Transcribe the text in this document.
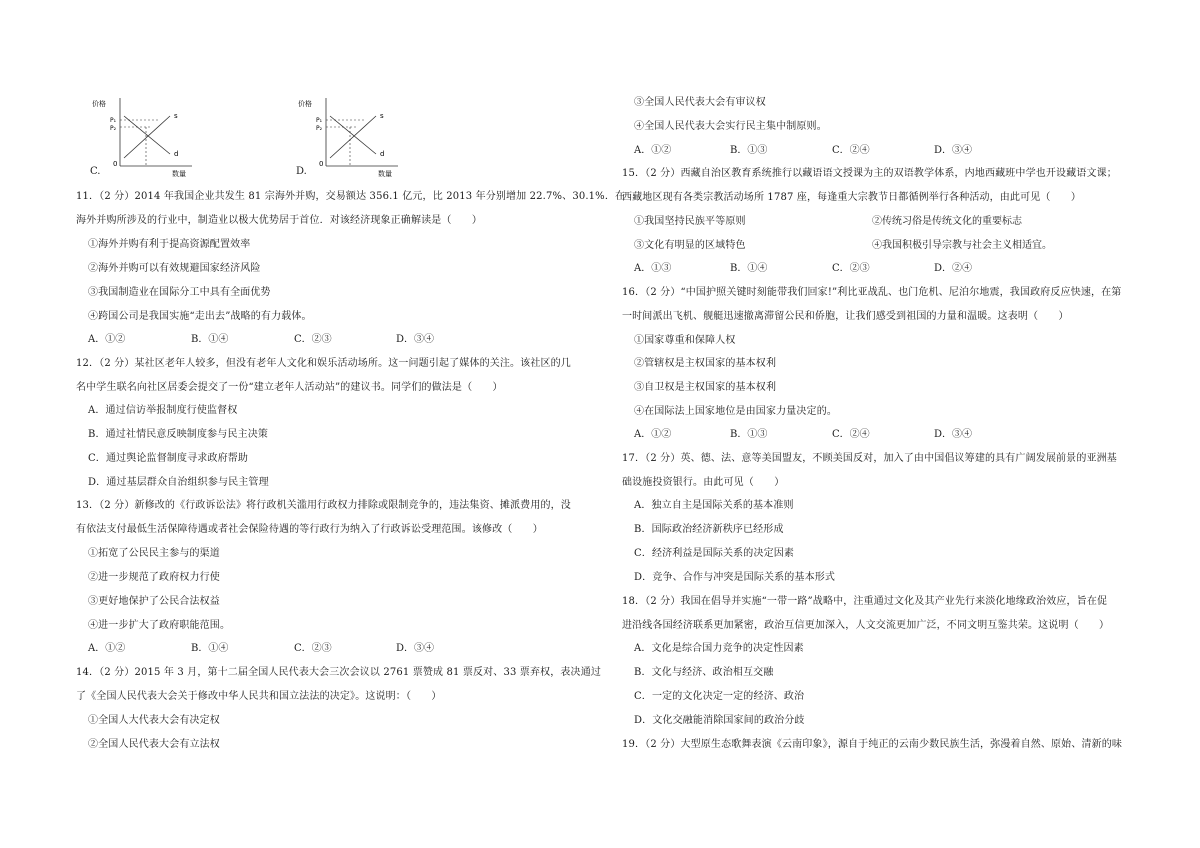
C.
价格
P₁
P₂
s
d
0
数量	D.
价格
P₁
P₂
s
d
0
数量
11．（2 分）2014 年我国企业共发生 81 宗海外并购，交易额达 356.1 亿元，比 2013 年分别增加 22.7%、30.1%．在
海外并购所涉及的行业中，制造业以极大优势居于首位．对该经济现象正确解读是（　　）
①海外并购有利于提高资源配置效率
②海外并购可以有效规避国家经济风险
③我国制造业在国际分工中具有全面优势
④跨国公司是我国实施“走出去”战略的有力载体。
A．①②	B．①④	C．②③	D．③④
12．（2 分）某社区老年人较多，但没有老年人文化和娱乐活动场所。这一问题引起了媒体的关注。该社区的几
名中学生联名向社区居委会提交了一份“建立老年人活动站”的建议书。同学们的做法是（　　）
A．通过信访举报制度行使监督权
B．通过社情民意反映制度参与民主决策
C．通过舆论监督制度寻求政府帮助
D．通过基层群众自治组织参与民主管理
13．（2 分）新修改的《行政诉讼法》将行政机关滥用行政权力排除或限制竞争的，违法集资、摊派费用的，没
有依法支付最低生活保障待遇或者社会保险待遇的等行政行为纳入了行政诉讼受理范围。该修改（　　）
①拓宽了公民民主参与的渠道
②进一步规范了政府权力行使
③更好地保护了公民合法权益
④进一步扩大了政府职能范围。
A．①②	B．①④	C．②③	D．③④
14．（2 分）2015 年 3 月，第十二届全国人民代表大会三次会议以 2761 票赞成 81 票反对、33 票弃权，表决通过
了《全国人民代表大会关于修改中华人民共和国立法法的决定》。这说明：（　　）
①全国人大代表大会有决定权
②全国人民代表大会有立法权
③全国人民代表大会有审议权
④全国人民代表大会实行民主集中制原则。
A．①②	B．①③	C．②④	D．③④
15．（2 分）西藏自治区教育系统推行以藏语语文授课为主的双语教学体系，内地西藏班中学也开设藏语文课；
西藏地区现有各类宗教活动场所 1787 座，每逢重大宗教节日都循例举行各种活动，由此可见（　　）
①我国坚持民族平等原则	②传统习俗是传统文化的重要标志
③文化有明显的区域特色	④我国积极引导宗教与社会主义相适宜。
A．①③	B．①④	C．②③	D．②④
16．（2 分）“中国护照关键时刻能带我们回家!”利比亚战乱、也门危机、尼泊尔地震，我国政府反应快速，在第
一时间派出飞机、舰艇迅速撤离滞留公民和侨胞，让我们感受到祖国的力量和温暖。这表明（　　）
①国家尊重和保障人权
②管辖权是主权国家的基本权利
③自卫权是主权国家的基本权利
④在国际法上国家地位是由国家力量决定的。
A．①②	B．①③	C．②④	D．③④
17．（2 分）英、德、法、意等美国盟友，不顾美国反对，加入了由中国倡议筹建的具有广阔发展前景的亚洲基
础设施投资银行。由此可见（　　）
A．独立自主是国际关系的基本准则
B．国际政治经济新秩序已经形成
C．经济利益是国际关系的决定因素
D．竞争、合作与冲突是国际关系的基本形式
18．（2 分）我国在倡导并实施“一带一路”战略中，注重通过文化及其产业先行来淡化地缘政治效应，旨在促
进沿线各国经济联系更加紧密，政治互信更加深入，人文交流更加广泛，不同文明互鉴共荣。这说明（　　）
A．文化是综合国力竞争的决定性因素
B．文化与经济、政治相互交融
C．一定的文化决定一定的经济、政治
D．文化交融能消除国家间的政治分歧
19．（2 分）大型原生态歌舞表演《云南印象》，源自于纯正的云南少数民族生活，弥漫着自然、原始、清新的味
